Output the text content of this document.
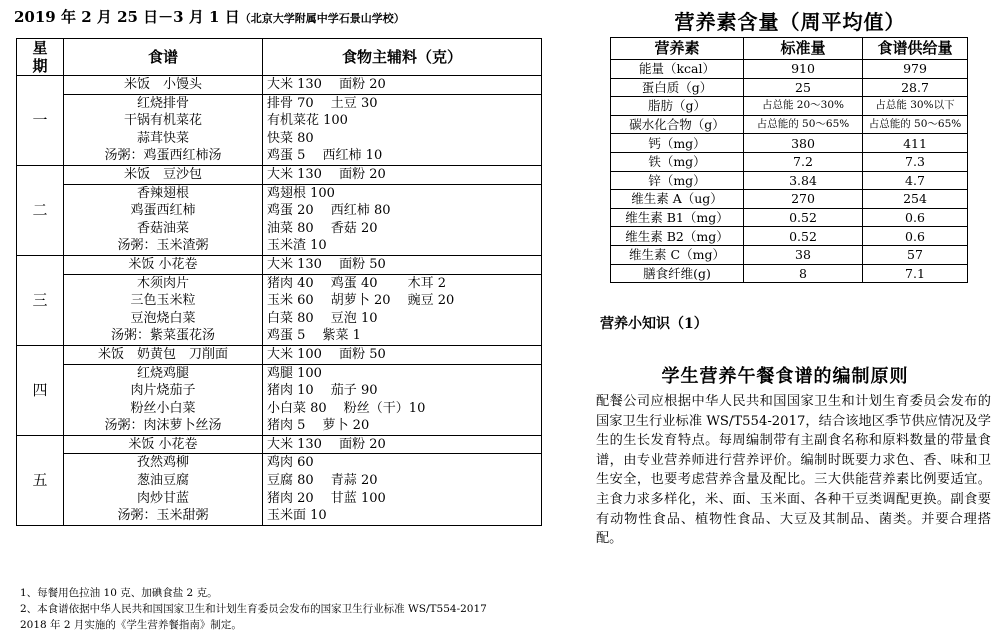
2019 年 2 月 25 日－3 月 1 日（北京大学附属中学石景山学校）
星
期	食谱	食物主辅料（克）
一	米饭　小馒头	大米 130　 面粉 20
	红烧排骨	排骨 70　 土豆 30
	干锅有机菜花	有机菜花 100
	蒜茸快菜	快菜 80
	汤粥：鸡蛋西红柿汤	鸡蛋 5　 西红柿 10
二	米饭　豆沙包	大米 130　 面粉 20
	香辣翅根	鸡翅根 100
	鸡蛋西红柿	鸡蛋 20　 西红柿 80
	香菇油菜	油菜 80　 香菇 20
	汤粥：玉米渣粥	玉米渣 10
三	米饭 小花卷	大米 130　 面粉 50
	木须肉片	猪肉 40　 鸡蛋 40　　 木耳 2
	三色玉米粒	玉米 60　 胡萝卜 20　 豌豆 20
	豆泡烧白菜	白菜 80　 豆泡 10
	汤粥：紫菜蛋花汤	鸡蛋 5　 紫菜 1
四	米饭　奶黄包　刀削面	大米 100　 面粉 50
	红烧鸡腿	鸡腿 100
	肉片烧茄子	猪肉 10　 茄子 90
	粉丝小白菜	小白菜 80　 粉丝（干）10
	汤粥：肉沫萝卜丝汤	猪肉 5　 萝卜 20
五	米饭 小花卷	大米 130　 面粉 20
	孜然鸡柳	鸡肉 60
	葱油豆腐	豆腐 80　 青蒜 20
	肉炒甘蓝	猪肉 20　 甘蓝 100
	汤粥：玉米甜粥	玉米面 10
1、每餐用色拉油 10 克、加碘食盐 2 克。
2、本食谱依据中华人民共和国国家卫生和计划生育委员会发布的国家卫生行业标准 WS/T554-2017
2018 年 2 月实施的《学生营养餐指南》制定。
营养素含量（周平均值）
营养素	标准量	食谱供给量
能量（kcal）	910	979
蛋白质（g）	25	28.7
脂肪（g）	占总能 20～30%	占总能 30%以下
碳水化合物（g）	占总能的 50～65%	占总能的 50～65%
钙（mg）	380	411
铁（mg）	7.2	7.3
锌（mg）	3.84	4.7
维生素 A（ug）	270	254
维生素 B1（mg）	0.52	0.6
维生素 B2（mg）	0.52	0.6
维生素 C（mg）	38	57
膳食纤维(g)	8	7.1
营养小知识（1）
学生营养午餐食谱的编制原则
配餐公司应根据中华人民共和国国家卫生和计划生育委员会发布的国家卫生行业标准 WS/T554-2017，结合该地区季节供应情况及学生的生长发育特点。每周编制带有主副食名称和原料数量的带量食谱，由专业营养师进行营养评价。编制时既要力求色、香、味和卫生安全，也要考虑营养含量及配比。三大供能营养素比例要适宜。主食力求多样化，米、面、玉米面、各种干豆类调配更换。副食要有动物性食品、植物性食品、大豆及其制品、菌类。并要合理搭配。
